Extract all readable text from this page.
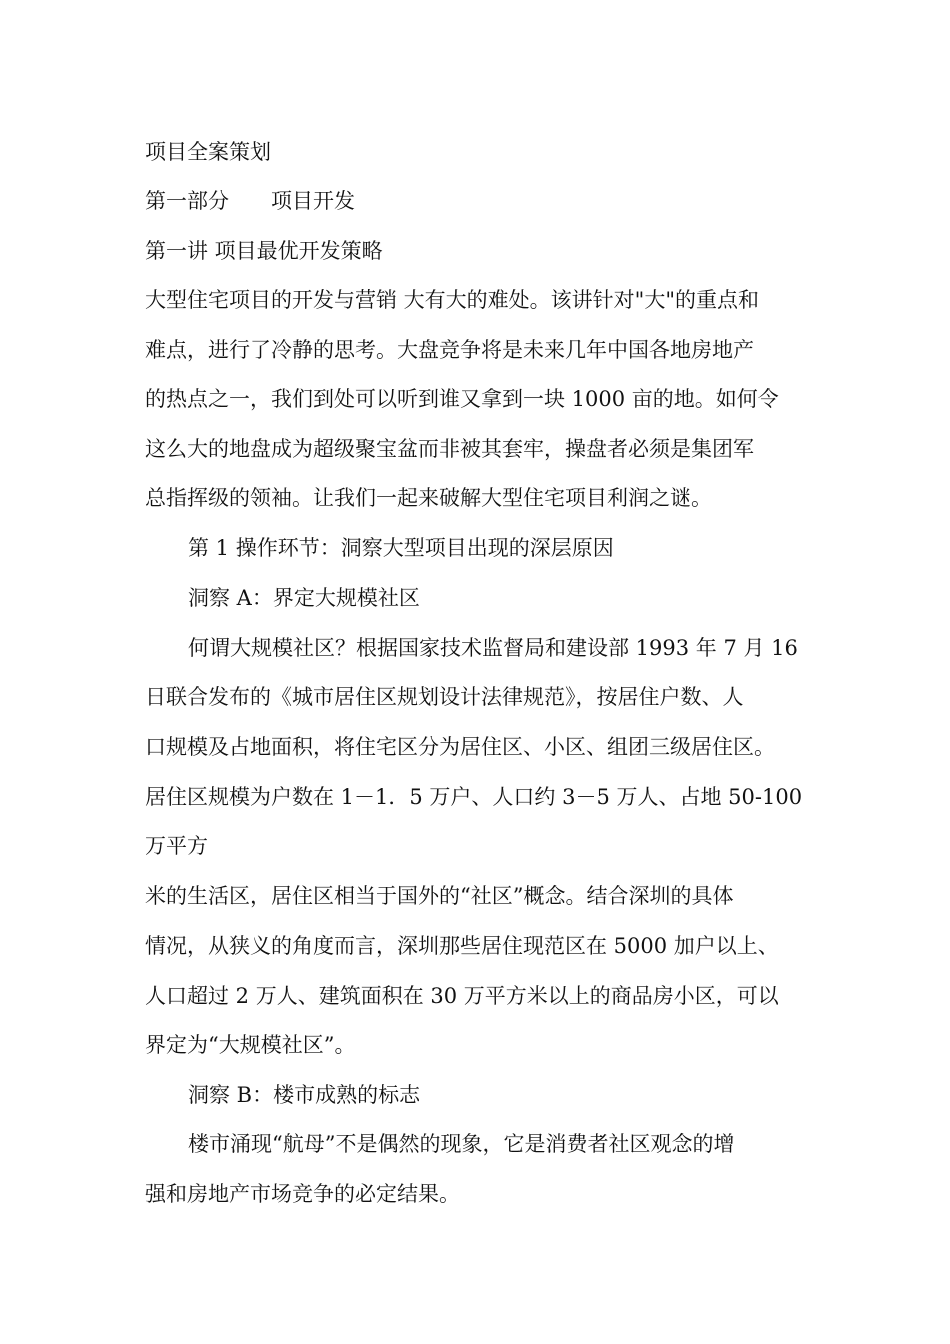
项目全案策划
第一部分　　项目开发
第一讲 项目最优开发策略
大型住宅项目的开发与营销 大有大的难处。该讲针对"大"的重点和
难点，进行了冷静的思考。大盘竞争将是未来几年中国各地房地产
的热点之一，我们到处可以听到谁又拿到一块 1000 亩的地。如何令
这么大的地盘成为超级聚宝盆而非被其套牢，操盘者必须是集团军
总指挥级的领袖。让我们一起来破解大型住宅项目利润之谜。
第 1 操作环节：洞察大型项目出现的深层原因
洞察 A：界定大规模社区
何谓大规模社区？根据国家技术监督局和建设部 1993 年 7 月 16
日联合发布的《城市居住区规划设计法律规范》，按居住户数、人
口规模及占地面积，将住宅区分为居住区、小区、组团三级居住区。
居住区规模为户数在 1－1．5 万户、人口约 3－5 万人、占地 50-100
万平方
米的生活区，居住区相当于国外的“社区”概念。结合深圳的具体
情况，从狭义的角度而言，深圳那些居住现范区在 5000 加户以上、
人口超过 2 万人、建筑面积在 30 万平方米以上的商品房小区，可以
界定为“大规模社区”。
洞察 B：楼市成熟的标志
楼市涌现“航母”不是偶然的现象，它是消费者社区观念的增
强和房地产市场竞争的必定结果。
